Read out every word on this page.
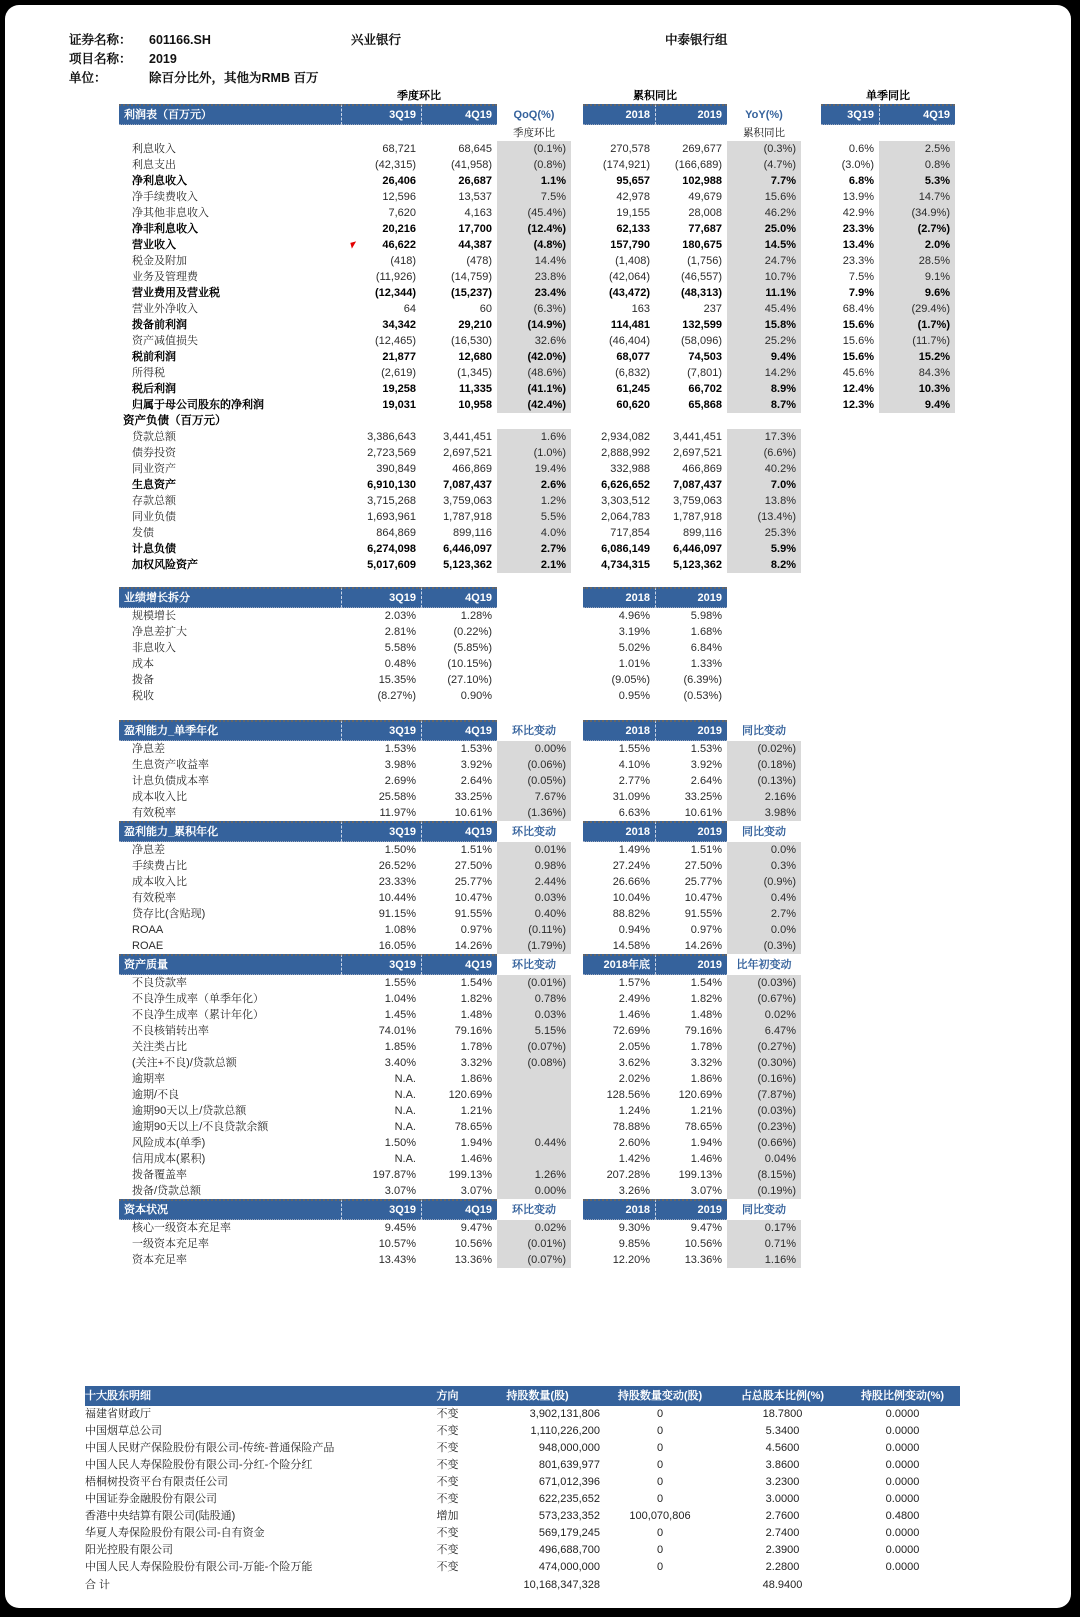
证券名称： 601166.SH	兴业银行	中泰银行组
项目名称： 2019
单位：	除百分比外，其他为RMB 百万
	季度环比				累积同比				单季同比	
利润表（百万元）	3Q19	4Q19	QoQ(%)		2018	2019	YoY(%)		3Q19	4Q19
			季度环比				累积同比			
利息收入	68,721	68,645	(0.1%)		270,578	269,677	(0.3%)		0.6%	2.5%
利息支出	(42,315)	(41,958)	(0.8%)		(174,921)	(166,689)	(4.7%)		(3.0%)	0.8%
净利息收入	26,406	26,687	1.1%		95,657	102,988	7.7%		6.8%	5.3%
净手续费收入	12,596	13,537	7.5%		42,978	49,679	15.6%		13.9%	14.7%
净其他非息收入	7,620	4,163	(45.4%)		19,155	28,008	46.2%		42.9%	(34.9%)
净非利息收入	20,216	17,700	(12.4%)		62,133	77,687	25.0%		23.3%	(2.7%)
营业收入	46,622	44,387	(4.8%)		157,790	180,675	14.5%		13.4%	2.0%
税金及附加	(418)	(478)	14.4%		(1,408)	(1,756)	24.7%		23.3%	28.5%
业务及管理费	(11,926)	(14,759)	23.8%		(42,064)	(46,557)	10.7%		7.5%	9.1%
营业费用及营业税	(12,344)	(15,237)	23.4%		(43,472)	(48,313)	11.1%		7.9%	9.6%
营业外净收入	64	60	(6.3%)		163	237	45.4%		68.4%	(29.4%)
拨备前利润	34,342	29,210	(14.9%)		114,481	132,599	15.8%		15.6%	(1.7%)
资产减值损失	(12,465)	(16,530)	32.6%		(46,404)	(58,096)	25.2%		15.6%	(11.7%)
税前利润	21,877	12,680	(42.0%)		68,077	74,503	9.4%		15.6%	15.2%
所得税	(2,619)	(1,345)	(48.6%)		(6,832)	(7,801)	14.2%		45.6%	84.3%
税后利润	19,258	11,335	(41.1%)		61,245	66,702	8.9%		12.4%	10.3%
归属于母公司股东的净利润	19,031	10,958	(42.4%)		60,620	65,868	8.7%		12.3%	9.4%
资产负债（百万元）										
贷款总额	3,386,643	3,441,451	1.6%		2,934,082	3,441,451	17.3%			
债券投资	2,723,569	2,697,521	(1.0%)		2,888,992	2,697,521	(6.6%)			
同业资产	390,849	466,869	19.4%		332,988	466,869	40.2%			
生息资产	6,910,130	7,087,437	2.6%		6,626,652	7,087,437	7.0%			
存款总额	3,715,268	3,759,063	1.2%		3,303,512	3,759,063	13.8%			
同业负债	1,693,961	1,787,918	5.5%		2,064,783	1,787,918	(13.4%)			
发债	864,869	899,116	4.0%		717,854	899,116	25.3%			
计息负债	6,274,098	6,446,097	2.7%		6,086,149	6,446,097	5.9%			
加权风险资产	5,017,609	5,123,362	2.1%		4,734,315	5,123,362	8.2%			
业绩增长拆分	3Q19	4Q19			2018	2019	
规模增长	2.03%	1.28%			4.96%	5.98%	
净息差扩大	2.81%	(0.22%)			3.19%	1.68%	
非息收入	5.58%	(5.85%)			5.02%	6.84%	
成本	0.48%	(10.15%)			1.01%	1.33%	
拨备	15.35%	(27.10%)			(9.05%)	(6.39%)	
税收	(8.27%)	0.90%			0.95%	(0.53%)	
盈利能力_单季年化	3Q19	4Q19	环比变动		2018	2019	同比变动
净息差	1.53%	1.53%	0.00%		1.55%	1.53%	(0.02%)
生息资产收益率	3.98%	3.92%	(0.06%)		4.10%	3.92%	(0.18%)
计息负债成本率	2.69%	2.64%	(0.05%)		2.77%	2.64%	(0.13%)
成本收入比	25.58%	33.25%	7.67%		31.09%	33.25%	2.16%
有效税率	11.97%	10.61%	(1.36%)		6.63%	10.61%	3.98%
盈利能力_累积年化	3Q19	4Q19	环比变动		2018	2019	同比变动
净息差	1.50%	1.51%	0.01%		1.49%	1.51%	0.0%
手续费占比	26.52%	27.50%	0.98%		27.24%	27.50%	0.3%
成本收入比	23.33%	25.77%	2.44%		26.66%	25.77%	(0.9%)
有效税率	10.44%	10.47%	0.03%		10.04%	10.47%	0.4%
贷存比(含贴现)	91.15%	91.55%	0.40%		88.82%	91.55%	2.7%
ROAA	1.08%	0.97%	(0.11%)		0.94%	0.97%	0.0%
ROAE	16.05%	14.26%	(1.79%)		14.58%	14.26%	(0.3%)
资产质量	3Q19	4Q19	环比变动		2018年底	2019	比年初变动
不良贷款率	1.55%	1.54%	(0.01%)		1.57%	1.54%	(0.03%)
不良净生成率（单季年化）	1.04%	1.82%	0.78%		2.49%	1.82%	(0.67%)
不良净生成率（累计年化）	1.45%	1.48%	0.03%		1.46%	1.48%	0.02%
不良核销转出率	74.01%	79.16%	5.15%		72.69%	79.16%	6.47%
关注类占比	1.85%	1.78%	(0.07%)		2.05%	1.78%	(0.27%)
(关注+不良)/贷款总额	3.40%	3.32%	(0.08%)		3.62%	3.32%	(0.30%)
逾期率	N.A.	1.86%			2.02%	1.86%	(0.16%)
逾期/不良	N.A.	120.69%			128.56%	120.69%	(7.87%)
逾期90天以上/贷款总额	N.A.	1.21%			1.24%	1.21%	(0.03%)
逾期90天以上/不良贷款余额	N.A.	78.65%			78.88%	78.65%	(0.23%)
风险成本(单季)	1.50%	1.94%	0.44%		2.60%	1.94%	(0.66%)
信用成本(累积)	N.A.	1.46%			1.42%	1.46%	0.04%
拨备覆盖率	197.87%	199.13%	1.26%		207.28%	199.13%	(8.15%)
拨备/贷款总额	3.07%	3.07%	0.00%		3.26%	3.07%	(0.19%)
资本状况	3Q19	4Q19	环比变动		2018	2019	同比变动
核心一级资本充足率	9.45%	9.47%	0.02%		9.30%	9.47%	0.17%
一级资本充足率	10.57%	10.56%	(0.01%)		9.85%	10.56%	0.71%
资本充足率	13.43%	13.36%	(0.07%)		12.20%	13.36%	1.16%
十大股东明细	方向	持股数量(股)	持股数量变动(股)	占总股本比例(%)	持股比例变动(%)
福建省财政厅	不变	3,902,131,806	0	18.7800	0.0000
中国烟草总公司	不变	1,110,226,200	0	5.3400	0.0000
中国人民财产保险股份有限公司-传统-普通保险产品	不变	948,000,000	0	4.5600	0.0000
中国人民人寿保险股份有限公司-分红-个险分红	不变	801,639,977	0	3.8600	0.0000
梧桐树投资平台有限责任公司	不变	671,012,396	0	3.2300	0.0000
中国证券金融股份有限公司	不变	622,235,652	0	3.0000	0.0000
香港中央结算有限公司(陆股通)	增加	573,233,352	100,070,806	2.7600	0.4800
华夏人寿保险股份有限公司-自有资金	不变	569,179,245	0	2.7400	0.0000
阳光控股有限公司	不变	496,688,700	0	2.3900	0.0000
中国人民人寿保险股份有限公司-万能-个险万能	不变	474,000,000	0	2.2800	0.0000
合 计		10,168,347,328		48.9400	
